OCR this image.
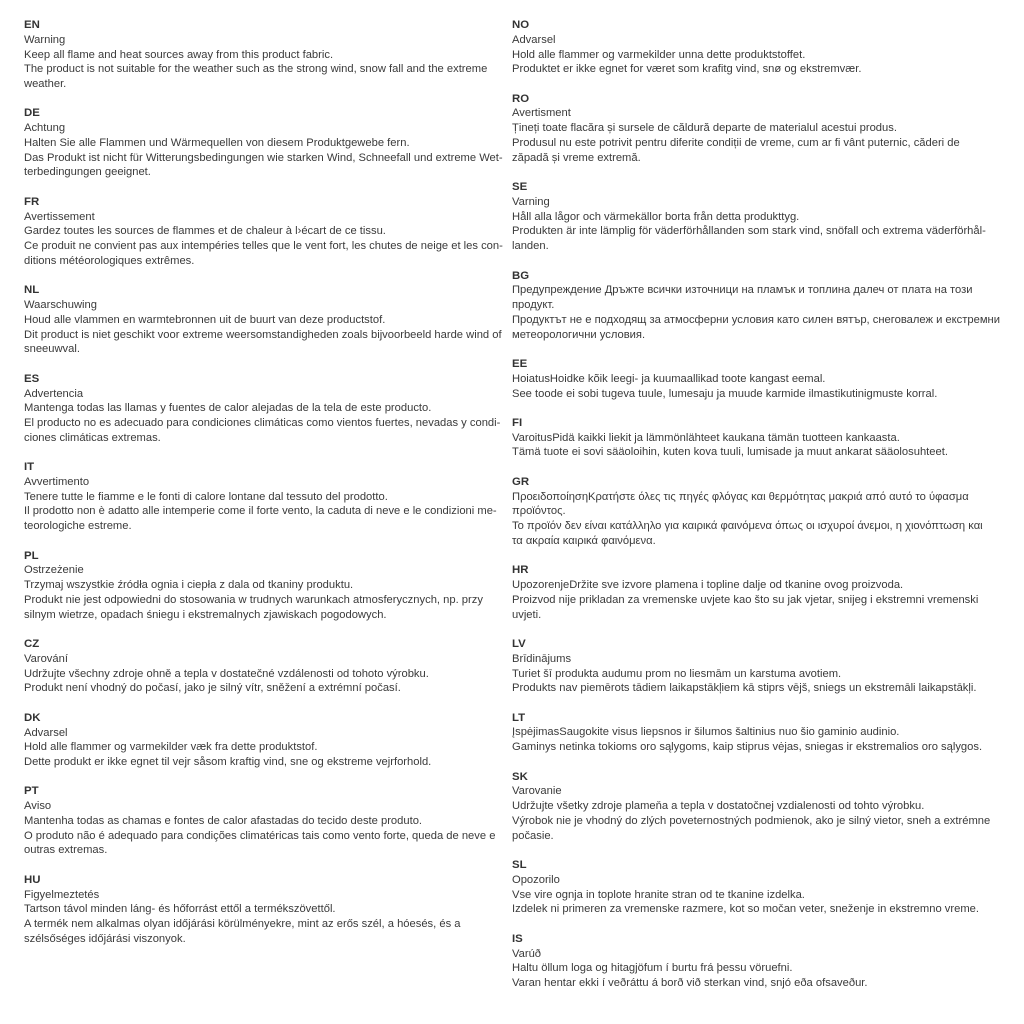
EN
Warning
Keep all flame and heat sources away from this product fabric.
The product is not suitable for the weather such as the strong wind, snow fall and the extreme
weather.
DE
Achtung
Halten Sie alle Flammen und Wärmequellen von diesem Produktgewebe fern.
Das Produkt ist nicht für Witterungsbedingungen wie starken Wind, Schneefall und extreme Wet-
terbedingungen geeignet.
FR
Avertissement
Gardez toutes les sources de flammes et de chaleur à l›écart de ce tissu.
Ce produit ne convient pas aux intempéries telles que le vent fort, les chutes de neige et les con-
ditions météorologiques extrêmes.
NL
Waarschuwing
Houd alle vlammen en warmtebronnen uit de buurt van deze productstof.
Dit product is niet geschikt voor extreme weersomstandigheden zoals bijvoorbeeld harde wind of
sneeuwval.
ES
Advertencia
Mantenga todas las llamas y fuentes de calor alejadas de la tela de este producto.
El producto no es adecuado para condiciones climáticas como vientos fuertes, nevadas y condi-
ciones climáticas extremas.
IT
Avvertimento
Tenere tutte le fiamme e le fonti di calore lontane dal tessuto del prodotto.
Il prodotto non è adatto alle intemperie come il forte vento, la caduta di neve e le condizioni me-
teorologiche estreme.
PL
Ostrzeżenie
Trzymaj wszystkie źródła ognia i ciepła z dala od tkaniny produktu.
Produkt nie jest odpowiedni do stosowania w trudnych warunkach atmosferycznych, np. przy
silnym wietrze, opadach śniegu i ekstremalnych zjawiskach pogodowych.
CZ
Varování
Udržujte všechny zdroje ohně a tepla v dostatečné vzdálenosti od tohoto výrobku.
Produkt není vhodný do počasí, jako je silný vítr, sněžení a extrémní počasí.
DK
Advarsel
Hold alle flammer og varmekilder væk fra dette produktstof.
Dette produkt er ikke egnet til vejr såsom kraftig vind, sne og ekstreme vejrforhold.
PT
Aviso
Mantenha todas as chamas e fontes de calor afastadas do tecido deste produto.
O produto não é adequado para condições climatéricas tais como vento forte, queda de neve e
outras extremas.
HU
Figyelmeztetés
Tartson távol minden láng- és hőforrást ettől a termékszövettől.
A termék nem alkalmas olyan időjárási körülményekre, mint az erős szél, a hóesés, és a
szélsőséges időjárási viszonyok.
NO
Advarsel
Hold alle flammer og varmekilder unna dette produktstoffet.
Produktet er ikke egnet for været som krafitg vind, snø og ekstremvær.
RO
Avertisment
Țineți toate flacăra și sursele de căldură departe de materialul acestui produs.
Produsul nu este potrivit pentru diferite condiții de vreme, cum ar fi vânt puternic, căderi de
zăpadă și vreme extremă.
SE
Varning
Håll alla lågor och värmekällor borta från detta produkttyg.
Produkten är inte lämplig för väderförhållanden som stark vind, snöfall och extrema väderförhål-
landen.
BG
Предупреждение Дръжте всички източници на пламък и топлина далеч от плата на този
продукт.
Продуктът не е подходящ за атмосферни условия като силен вятър, снеговалеж и екстремни
метеорологични условия.
EE
HoiatusHoidke kõik leegi- ja kuumaallikad toote kangast eemal.
See toode ei sobi tugeva tuule, lumesaju ja muude karmide ilmastikutinigmuste korral.
FI
VaroitusPidä kaikki liekit ja lämmönlähteet kaukana tämän tuotteen kankaasta.
Tämä tuote ei sovi sääoloihin, kuten kova tuuli, lumisade ja muut ankarat sääolosuhteet.
GR
ΠροειδοποίησηΚρατήστε όλες τις πηγές φλόγας και θερμότητας μακριά από αυτό το ύφασμα
προϊόντος.
Το προϊόν δεν είναι κατάλληλο για καιρικά φαινόμενα όπως οι ισχυροί άνεμοι, η χιονόπτωση και
τα ακραία καιρικά φαινόμενα.
HR
UpozorenjeDržite sve izvore plamena i topline dalje od tkanine ovog proizvoda.
Proizvod nije prikladan za vremenske uvjete kao što su jak vjetar, snijeg i ekstremni vremenski
uvjeti.
LV
Brīdinājums
Turiet šī produkta audumu prom no liesmām un karstuma avotiem.
Produkts nav piemērots tādiem laikapstākļiem kā stiprs vējš, sniegs un ekstremāli laikapstākļi.
LT
ĮspėjimasSaugokite visus liepsnos ir šilumos šaltinius nuo šio gaminio audinio.
Gaminys netinka tokioms oro sąlygoms, kaip stiprus vėjas, sniegas ir ekstremalios oro sąlygos.
SK
Varovanie
Udržujte všetky zdroje plameňa a tepla v dostatočnej vzdialenosti od tohto výrobku.
Výrobok nie je vhodný do zlých poveternostných podmienok, ako je silný vietor, sneh a extrémne
počasie.
SL
Opozorilo
Vse vire ognja in toplote hranite stran od te tkanine izdelka.
Izdelek ni primeren za vremenske razmere, kot so močan veter, sneženje in ekstremno vreme.
IS
Varúð
Haltu öllum loga og hitagjöfum í burtu frá þessu vöruefni.
Varan hentar ekki í veðráttu á borð við sterkan vind, snjó eða ofsaveður.
